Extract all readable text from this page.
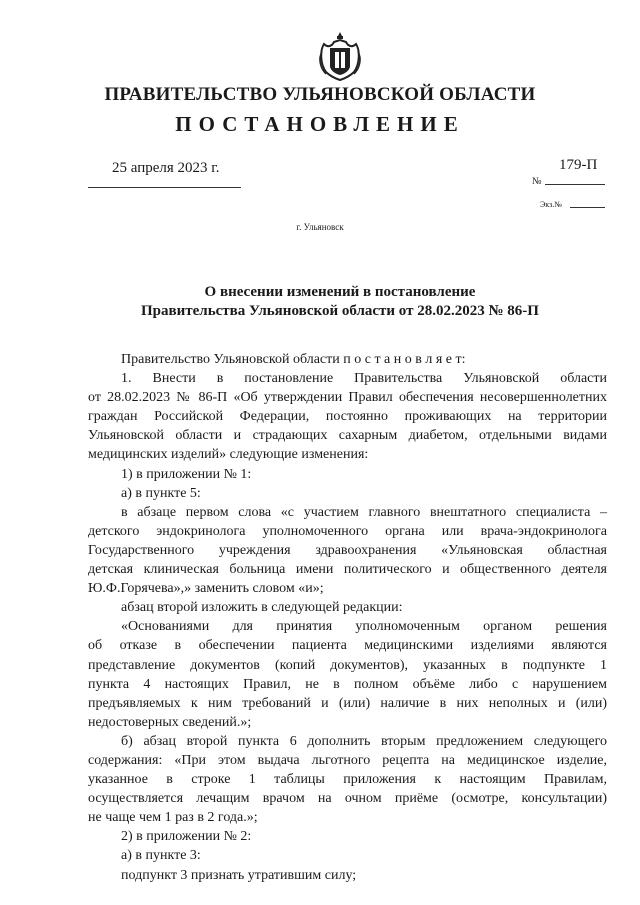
ПРАВИТЕЛЬСТВО УЛЬЯНОВСКОЙ ОБЛАСТИ
ПОСТАНОВЛЕНИЕ
25 апреля 2023 г.	179-П
№
Экз.№
г. Ульяновск
О внесении изменений в постановление
Правительства Ульяновской области от 28.02.2023 № 86-П

Правительство Ульяновской области п о с т а н о в л я е т:

1. Внести в постановление Правительства Ульяновской области

от 28.02.2023 № 86-П «Об утверждении Правил обеспечения несовершеннолетних

граждан Российской Федерации, постоянно проживающих на территории

Ульяновской области и страдающих сахарным диабетом, отдельными видами

медицинских изделий» следующие изменения:

1) в приложении № 1:

а) в пункте 5:

в абзаце первом слова «с участием главного внештатного специалиста –

детского эндокринолога уполномоченного органа или врача-эндокринолога

Государственного учреждения здравоохранения «Ульяновская областная

детская клиническая больница имени политического и общественного деятеля

Ю.Ф.Горячева»,» заменить словом «и»;

абзац второй изложить в следующей редакции:

«Основаниями для принятия уполномоченным органом решения

об отказе в обеспечении пациента медицинскими изделиями являются

представление документов (копий документов), указанных в подпункте 1

пункта 4 настоящих Правил, не в полном объёме либо с нарушением

предъявляемых к ним требований и (или) наличие в них неполных и (или)

недостоверных сведений.»;

б) абзац второй пункта 6 дополнить вторым предложением следующего

содержания: «При этом выдача льготного рецепта на медицинское изделие,

указанное в строке 1 таблицы приложения к настоящим Правилам,

осуществляется лечащим врачом на очном приёме (осмотре, консультации)

не чаще чем 1 раз в 2 года.»;

2) в приложении № 2:

а) в пункте 3:

подпункт 3 признать утратившим силу;
